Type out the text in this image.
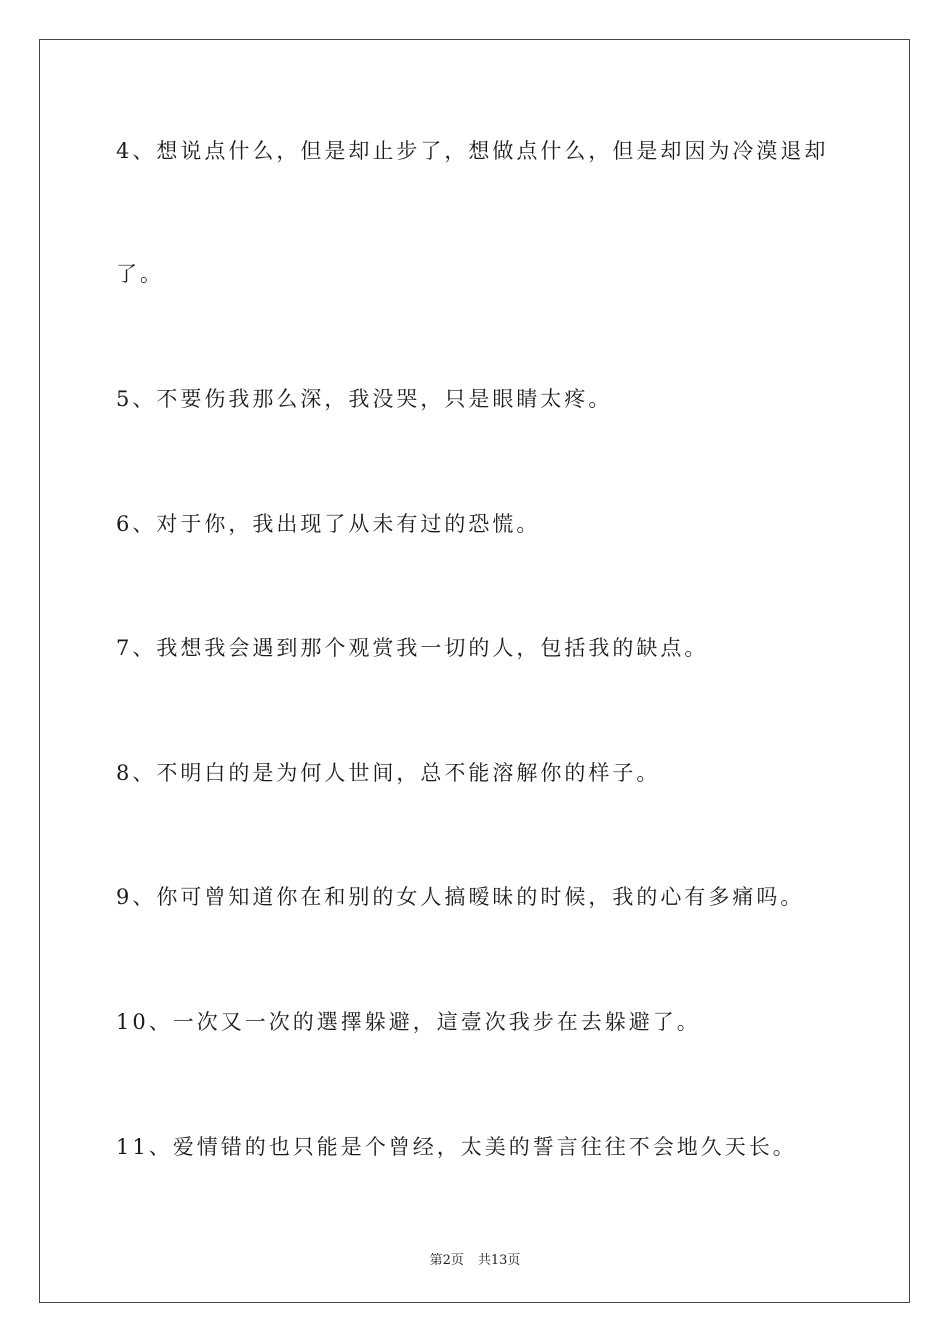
4、想说点什么，但是却止步了，想做点什么，但是却因为冷漠退却
了。
5、不要伤我那么深，我没哭，只是眼睛太疼。
6、对于你，我出现了从未有过的恐慌。
7、我想我会遇到那个观赏我一切的人，包括我的缺点。
8、不明白的是为何人世间，总不能溶解你的样子。
9、你可曾知道你在和别的女人搞暧昧的时候，我的心有多痛吗。
10、一次又一次的選擇躲避，這壹次我步在去躲避了。
11、爱情错的也只能是个曾经，太美的誓言往往不会地久天长。
第2页 共13页
